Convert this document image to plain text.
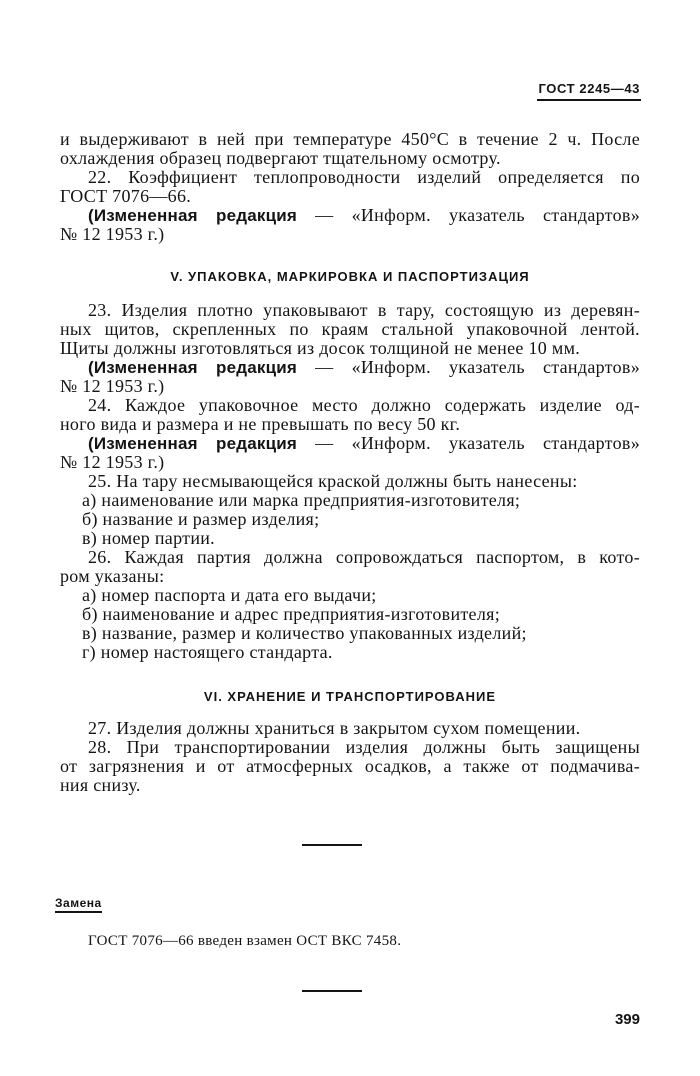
ГОСТ 2245—43
и выдерживают в ней при температуре 450°С в течение 2 ч. После
охлаждения образец подвергают тщательному осмотру.
22. Коэффициент теплопроводности изделий определяется по
ГОСТ 7076—66.
(Измененная редакция — «Информ. указатель стандартов»
№ 12 1953 г.)
V. УПАКОВКА, МАРКИРОВКА И ПАСПОРТИЗАЦИЯ
23. Изделия плотно упаковывают в тару, состоящую из деревян-
ных щитов, скрепленных по краям стальной упаковочной лентой.
Щиты должны изготовляться из досок толщиной не менее 10 мм.
(Измененная редакция — «Информ. указатель стандартов»
№ 12 1953 г.)
24. Каждое упаковочное место должно содержать изделие од-
ного вида и размера и не превышать по весу 50 кг.
(Измененная редакция — «Информ. указатель стандартов»
№ 12 1953 г.)
25. На тару несмывающейся краской должны быть нанесены:
а) наименование или марка предприятия-изготовителя;
б) название и размер изделия;
в) номер партии.
26. Каждая партия должна сопровождаться паспортом, в кото-
ром указаны:
а) номер паспорта и дата его выдачи;
б) наименование и адрес предприятия-изготовителя;
в) название, размер и количество упакованных изделий;
г) номер настоящего стандарта.
VI. ХРАНЕНИЕ И ТРАНСПОРТИРОВАНИЕ
27. Изделия должны храниться в закрытом сухом помещении.
28. При транспортировании изделия должны быть защищены
от загрязнения и от атмосферных осадков, а также от подмачива-
ния снизу.
Замена
ГОСТ 7076—66 введен взамен ОСТ ВКС 7458.
399
